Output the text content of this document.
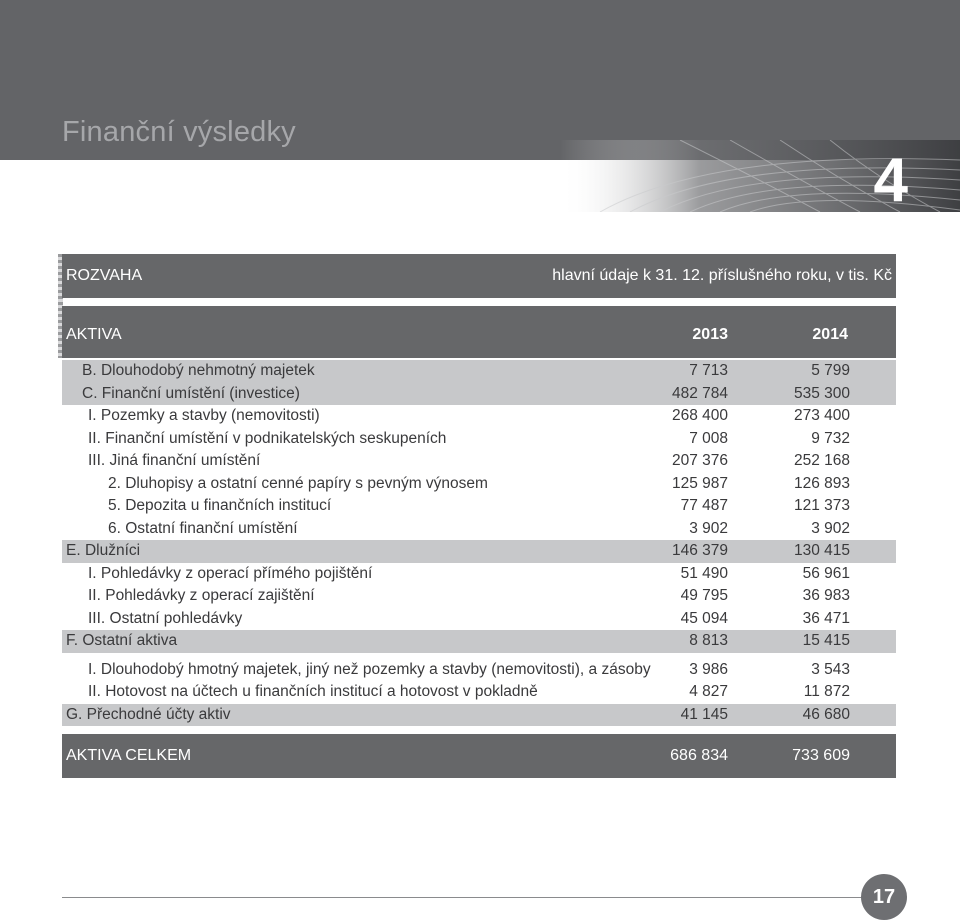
Finanční výsledky
4
ROZVAHA	hlavní údaje k 31. 12. příslušného roku, v tis. Kč
AKTIVA	2013	2014
B. Dlouhodobý nehmotný majetek	7 713	5 799
C. Finanční umístění (investice)	482 784	535 300
I. Pozemky a stavby (nemovitosti)	268 400	273 400
II. Finanční umístění v podnikatelských seskupeních	7 008	9 732
III. Jiná finanční umístění	207 376	252 168
2. Dluhopisy a ostatní cenné papíry s pevným výnosem	125 987	126 893
5. Depozita u finančních institucí	77 487	121 373
6. Ostatní finanční umístění	3 902	3 902
E. Dlužníci	146 379	130 415
I. Pohledávky z operací přímého pojištění	51 490	56 961
II. Pohledávky z operací zajištění	49 795	36 983
III. Ostatní pohledávky	45 094	36 471
F. Ostatní aktiva	8 813	15 415
I. Dlouhodobý hmotný majetek, jiný než pozemky a stavby (nemovitosti), a zásoby 3 986	3 543
II. Hotovost na účtech u finančních institucí a hotovost v pokladně	4 827	11 872
G. Přechodné účty aktiv	41 145	46 680
AKTIVA CELKEM	686 834	733 609
17
